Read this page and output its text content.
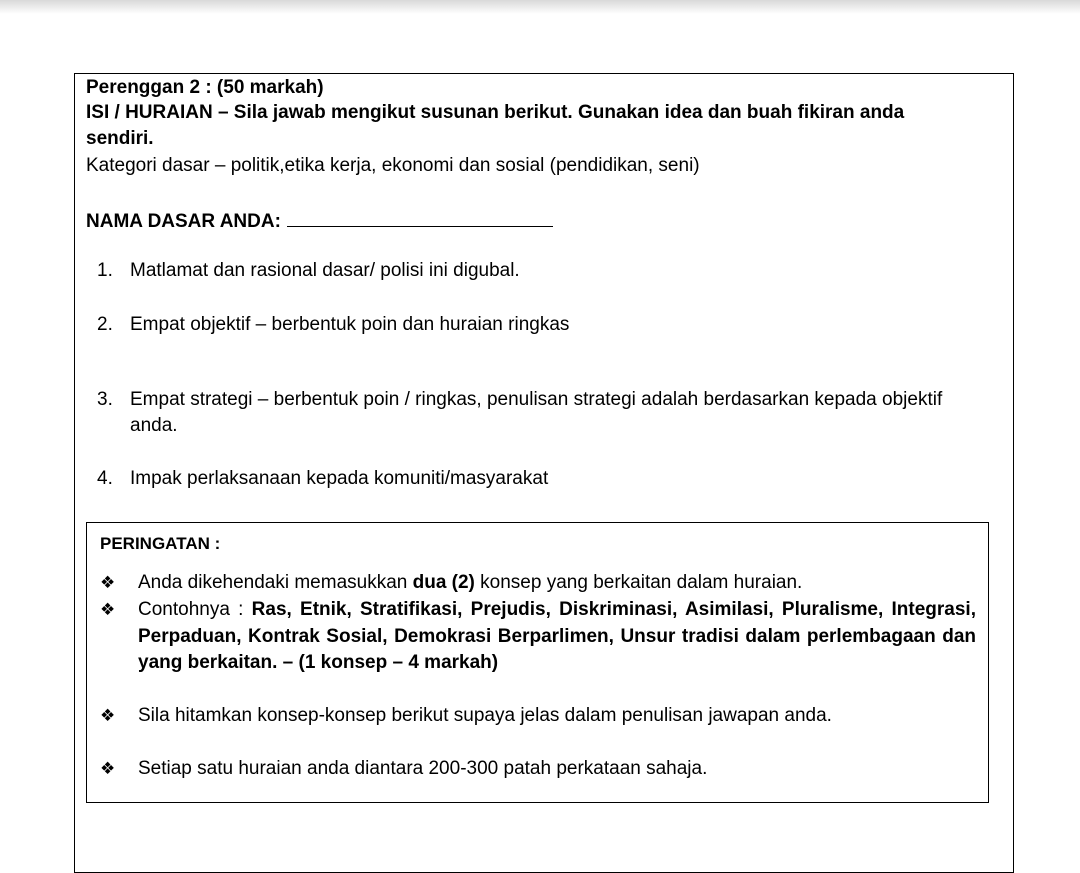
Perenggan 2 : (50 markah)
ISI / HURAIAN – Sila jawab mengikut susunan berikut. Gunakan idea dan buah fikiran anda
sendiri.
Kategori dasar – politik,etika kerja, ekonomi dan sosial (pendidikan, seni)
NAMA DASAR ANDA:
1. Matlamat dan rasional dasar/ polisi ini digubal.
2. Empat objektif – berbentuk poin dan huraian ringkas
3. Empat strategi – berbentuk poin / ringkas, penulisan strategi adalah berdasarkan kepada objektif anda.
4. Impak perlaksanaan kepada komuniti/masyarakat
PERINGATAN :
❖ Anda dikehendaki memasukkan dua (2) konsep yang berkaitan dalam huraian.
❖ Contohnya : Ras, Etnik, Stratifikasi, Prejudis, Diskriminasi, Asimilasi, Pluralisme, Integrasi, Perpaduan, Kontrak Sosial, Demokrasi Berparlimen, Unsur tradisi dalam perlembagaan dan yang berkaitan. – (1 konsep – 4 markah)
❖ Sila hitamkan konsep-konsep berikut supaya jelas dalam penulisan jawapan anda.
❖ Setiap satu huraian anda diantara 200-300 patah perkataan sahaja.
